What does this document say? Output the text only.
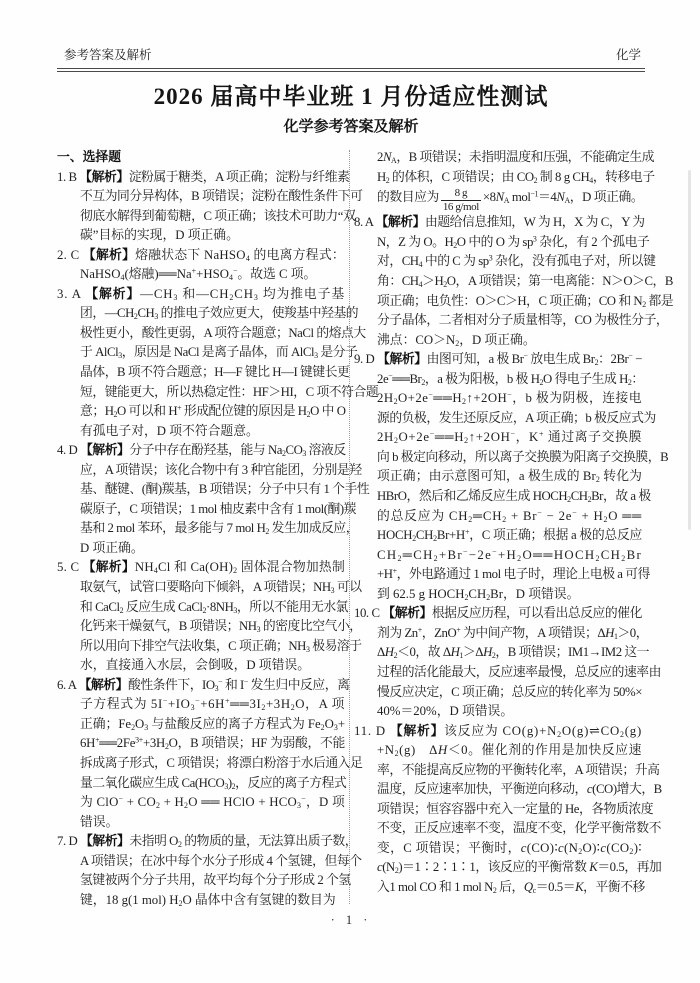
参考答案及解析	化学
2026 届高中毕业班 1 月份适应性测试
化学参考答案及解析
一、选择题
1. B 【解析】淀粉属于糖类，A 项正确；淀粉与纤维素
不互为同分异构体，B 项错误；淀粉在酸性条件下可
彻底水解得到葡萄糖，C 项正确；该技术可助力“双
碳”目标的实现，D 项正确。
2. C 【解析】熔融状态下 NaHSO$_4$ 的电离方程式：
NaHSO$_4$(熔融)$══Na^++HSO_4^-$。故选 C 项。
3. A 【解析】$—CH_3$ 和$—CH_2CH_3$ 均为推电子基
团，$—CH_2CH_3$ 的推电子效应更大，使羧基中羟基的
极性更小，酸性更弱，A 项符合题意；NaCl 的熔点大
于 AlCl$_3$，原因是 NaCl 是离子晶体，而 AlCl$_3$ 是分子
晶体，B 项不符合题意；H—F 键比 H—I 键键长更
短，键能更大，所以热稳定性：HF＞HI，C 项不符合题
意；$H_2O$ 可以和 H+ 形成配位键的原因是 $H_2O$ 中 O
有孤电子对，D 项不符合题意。
4. D 【解析】分子中存在酚羟基，能与 $Na_2CO_3$ 溶液反
应，A 项错误；该化合物中有 3 种官能团，分别是羟
基、醚键、(酮)羰基，B 项错误；分子中只有 1 个手性
碳原子，C 项错误；1 mol 柚皮素中含有 1 mol(酮)羰
基和 2 mol 苯环，最多能与 7 mol $H_2$ 发生加成反应，
D 项正确。
5. C 【解析】$NH_4Cl$ 和 $Ca(OH)_2$ 固体混合物加热制
取氨气，试管口要略向下倾斜，A 项错误；$NH_3$ 可以
和 CaCl$_2$ 反应生成 $CaCl_2\cdot 8NH_3$，所以不能用无水氯
化钙来干燥氨气，B 项错误；$NH_3$ 的密度比空气小，
所以用向下排空气法收集，C 项正确；$NH_3$ 极易溶于
水，直接通入水层，会倒吸，D 项错误。
6. A 【解析】酸性条件下，$IO_3^-$ 和 I− 发生归中反应，离
子方程式为 $5I^-+IO_3^-+6H^+══3I_2+3H_2O$，A 项
正确；$Fe_2O_3$ 与盐酸反应的离子方程式为 $Fe_2O_3+$
$6H^+══2Fe^{3+}+3H_2O$，B 项错误；HF 为弱酸，不能
拆成离子形式，C 项错误；将漂白粉溶于水后通入足
量二氧化碳应生成 $Ca(HCO_3)_2$，反应的离子方程式
为 $ClO^- + CO_2 + H_2O$ ══ HClO + $HCO_3^-$，D 项
错误。
7. D 【解析】未指明 $O_2$ 的物质的量，无法算出质子数，
A 项错误；在冰中每个水分子形成 4 个氢键，但每个
氢键被两个分子共用，故平均每个分子形成 2 个氢
键，18 g(1 mol) $H_2O$ 晶体中含有氢键的数目为
$2N_A$，B 项错误；未指明温度和压强，不能确定生成
$H_2$ 的体积，C 项错误；由 $CO_2$ 制 8 g $CH_4$，转移电子
的数目应为 $\frac{8 g}{\text{16 g/mol}} \times 8N_A$ $mol^{-1}=4N_A$，D 项正确。
8. A 【解析】由题给信息推知，W 为 H，X 为 C，Y 为
N，Z 为 O。$H_2O$ 中的 O 为 $sp^3$ 杂化，有 2 个孤电子
对，$CH_4$ 中的 C 为 $sp^3$ 杂化，没有孤电子对，所以键
角：$CH_4>H_2O$，A 项错误；第一电离能：N＞O＞C，B
项正确；电负性：O＞C＞H，C 项正确；CO 和 $N_2$ 都是
分子晶体，二者相对分子质量相等，CO 为极性分子，
沸点：$CO>N_2$，D 项正确。
9. D 【解析】由图可知，a 极 Br− 放电生成 $Br_2$：2Br− −
$2e^-══Br_2$，a 极为阳极，b 极 $H_2O$ 得电子生成 $H_2$：
$2H_2O+2e^-══H_2↑+2OH^-$，b 极为阴极，连接电
源的负极，发生还原反应，A 项正确；b 极反应式为
$2H_2O+2e^-══H_2↑+2OH^-$，K+ 通过离子交换膜
向 b 极定向移动，所以离子交换膜为阳离子交换膜，B
项正确；由示意图可知，a 极生成的 $Br_2$ 转化为
HBrO，然后和乙烯反应生成 $HOCH_2CH_2Br$，故 a 极
的总反应为 $CH_2═CH_2 + Br^- - 2e^- + H_2O$ ══
$HOCH_2CH_2Br+H^+$，C 项正确；根据 a 极的总反应
$CH_2═CH_2+Br^--2e^-+H_2O══HOCH_2CH_2Br$
+H+，外电路通过 1 mol 电子时，理论上电极 a 可得
到 62.5 g $HOCH_2CH_2Br$，D 项错误。
10. C 【解析】根据反应历程，可以看出总反应的催化
剂为 Zn+，ZnO+ 为中间产物，A 项错误；$\Delta H_1>0$，
$\Delta H_2<0$，故 $\Delta H_1>\Delta H_2$，B 项错误；IM1→IM2 这一
过程的活化能最大，反应速率最慢，总反应的速率由
慢反应决定，C 项正确；总反应的转化率为 50%×
40%＝20%，D 项错误。
11. D 【解析】该反应为 $CO(g)+N_2O(g)\rightleftharpoons CO_2(g)$
$+N_2(g)$　ΔH＜0。催化剂的作用是加快反应速
率，不能提高反应物的平衡转化率，A 项错误；升高
温度，反应速率加快，平衡逆向移动，c(CO)增大，B
项错误；恒容容器中充入一定量的 He，各物质浓度
不变，正反应速率不变，温度不变，化学平衡常数不
变，C 项错误；平衡时，$c(CO)∶c(N_2O)∶c(CO_2)∶$
$c(N_2)=1∶2∶1∶1$，该反应的平衡常数 K＝0.5，再加
入1 mol CO 和 1 mol $N_2$ 后，$Q_c=0.5=K$，平衡不移
· 1 ·
